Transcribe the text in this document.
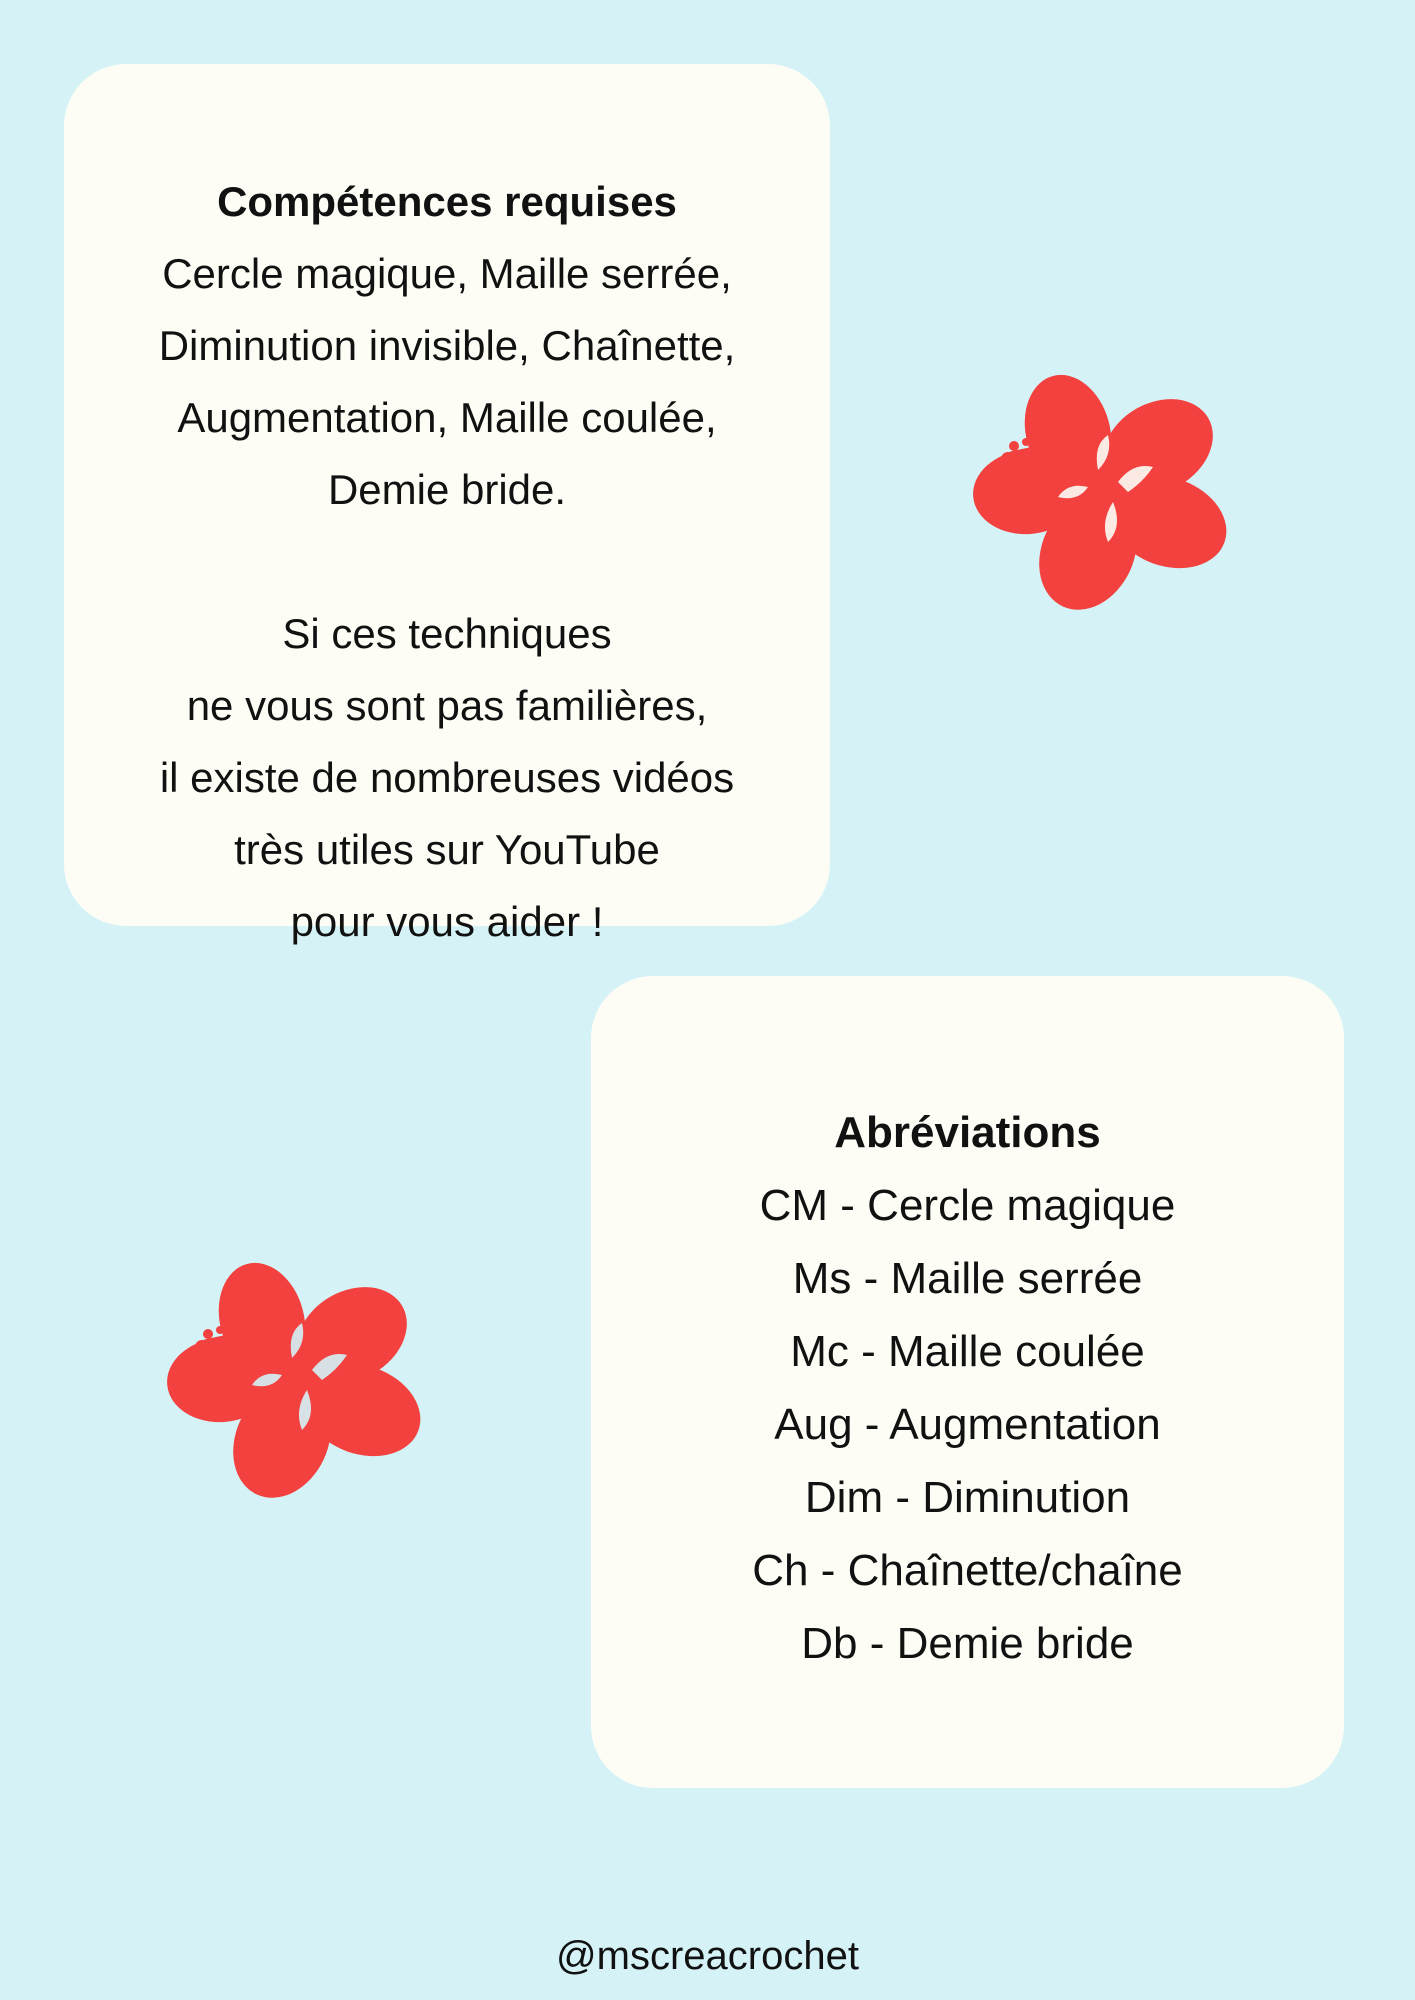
Compétences requises

Cercle magique, Maille serrée,

Diminution invisible, Chaînette,

Augmentation, Maille coulée,

Demie bride.

Si ces techniques

ne vous sont pas familières,

il existe de nombreuses vidéos

très utiles sur YouTube

pour vous aider !

Abréviations

CM - Cercle magique

Ms - Maille serrée

Mc - Maille coulée

Aug - Augmentation

Dim - Diminution

Ch - Chaînette/chaîne

Db - Demie bride

@mscreacrochet
